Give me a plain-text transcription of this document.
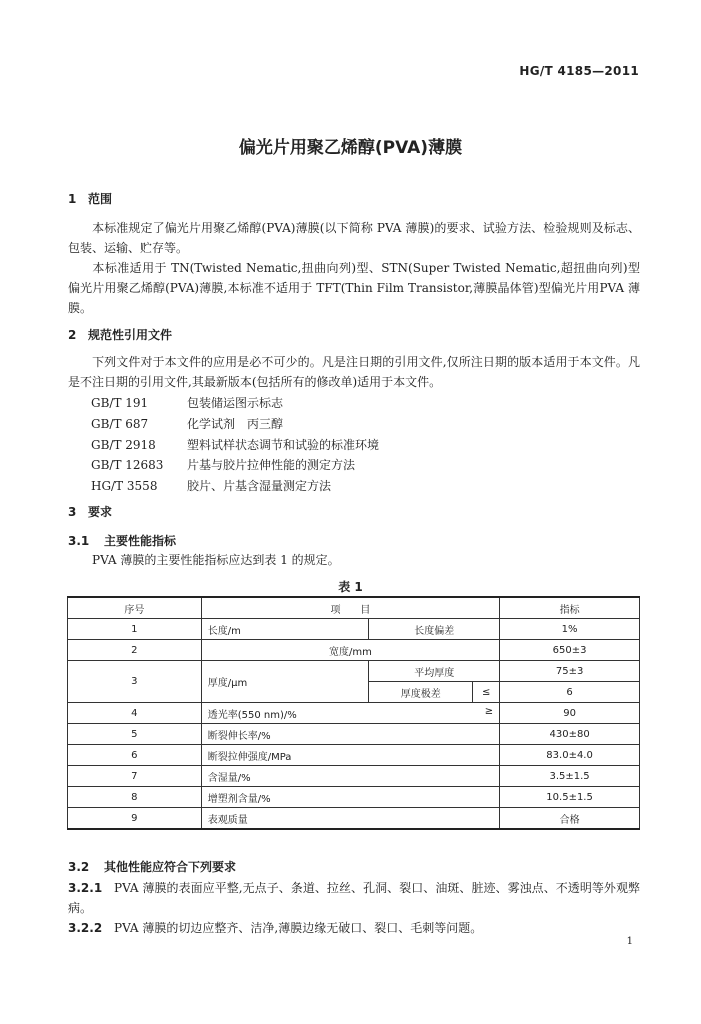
HG/T 4185—2011
偏光片用聚乙烯醇(PVA)薄膜
1 范围
本标准规定了偏光片用聚乙烯醇(PVA)薄膜(以下简称 PVA 薄膜)的要求、试验方法、检验规则及标志、包装、运输、贮存等。
本标准适用于 TN(Twisted Nematic,扭曲向列)型、STN(Super Twisted Nematic,超扭曲向列)型偏光片用聚乙烯醇(PVA)薄膜,本标准不适用于 TFT(Thin Film Transistor,薄膜晶体管)型偏光片用PVA 薄膜。
2 规范性引用文件
下列文件对于本文件的应用是必不可少的。凡是注日期的引用文件,仅所注日期的版本适用于本文件。凡是不注日期的引用文件,其最新版本(包括所有的修改单)适用于本文件。
GB/T 191	包装储运图示标志
GB/T 687	化学试剂　丙三醇
GB/T 2918	塑料试样状态调节和试验的标准环境
GB/T 12683 片基与胶片拉伸性能的测定方法
HG/T 3558 胶片、片基含湿量测定方法
3 要求
3.1 主要性能指标
PVA 薄膜的主要性能指标应达到表 1 的规定。
表 1
序号	项　　目			指标
1	长度/m	长度偏差		1%
2	宽度/mm			650±3
3	厚度/μm	平均厚度		75±3
		厚度极差	≤	6
4	透光率(550 nm)/% ≥			90
5	断裂伸长率/%			430±80
6	断裂拉伸强度/MPa			83.0±4.0
7	含湿量/%			3.5±1.5
8	增塑剂含量/%			10.5±1.5
9	表观质量			合格
3.2 其他性能应符合下列要求
3.2.1 PVA 薄膜的表面应平整,无点子、条道、拉丝、孔洞、裂口、油斑、脏迹、雾浊点、不透明等外观弊病。
3.2.2 PVA 薄膜的切边应整齐、洁净,薄膜边缘无破口、裂口、毛刺等问题。
1
